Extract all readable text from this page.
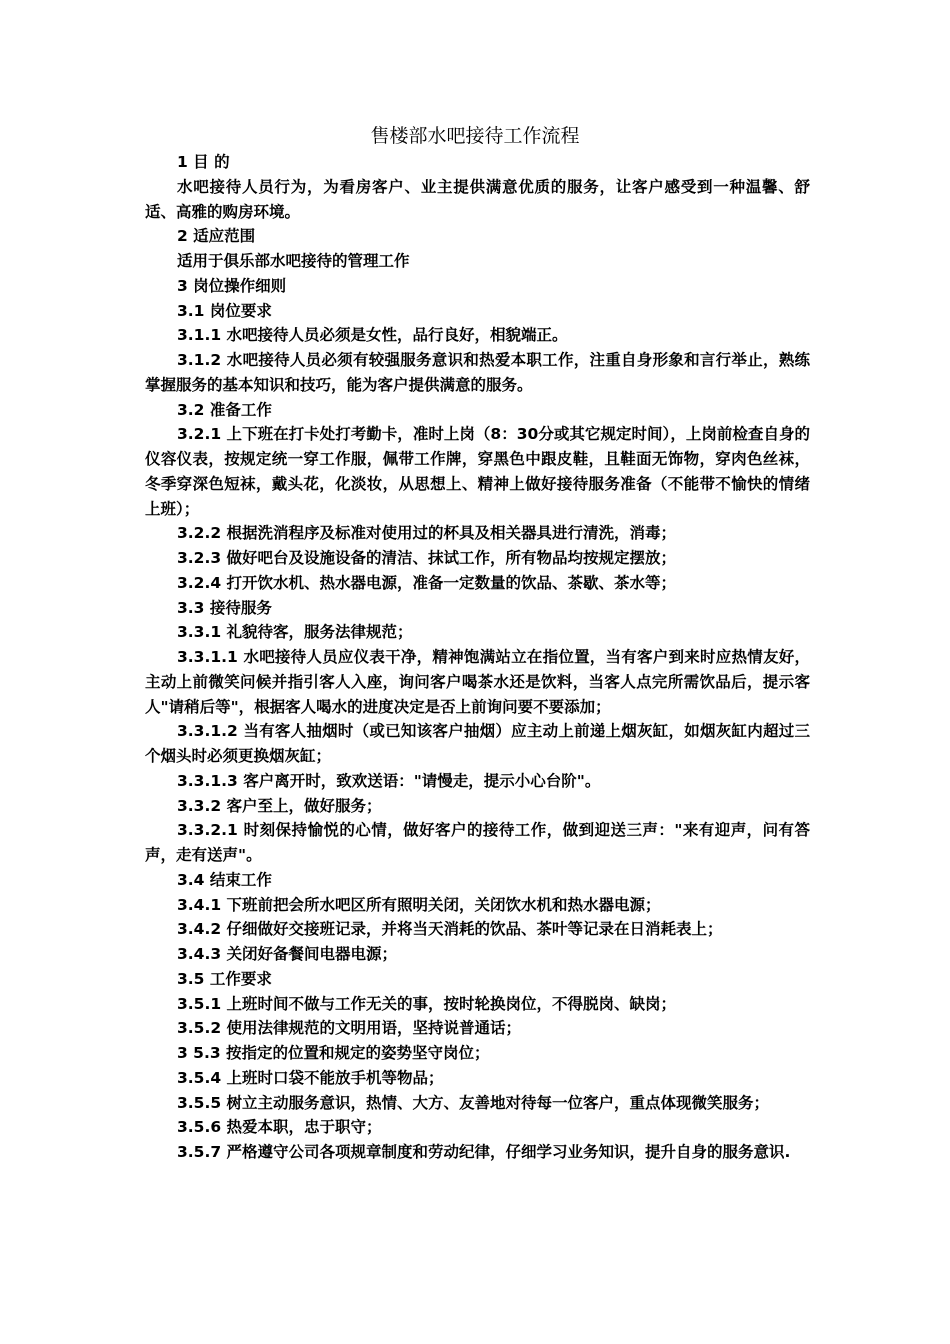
售楼部水吧接待工作流程

1 目 的

水吧接待人员行为，为看房客户、业主提供满意优质的服务，让客户感受到一种温馨、舒适、高雅的购房环境。

2 适应范围

适用于俱乐部水吧接待的管理工作

3 岗位操作细则

3.1 岗位要求

3.1.1 水吧接待人员必须是女性，品行良好，相貌端正。

3.1.2 水吧接待人员必须有较强服务意识和热爱本职工作，注重自身形象和言行举止，熟练掌握服务的基本知识和技巧，能为客户提供满意的服务。

3.2 准备工作

3.2.1 上下班在打卡处打考勤卡，准时上岗（8：30分或其它规定时间），上岗前检查自身的仪容仪表，按规定统一穿工作服，佩带工作牌，穿黑色中跟皮鞋，且鞋面无饰物，穿肉色丝袜，冬季穿深色短袜，戴头花，化淡妆，从思想上、精神上做好接待服务准备（不能带不愉快的情绪上班）；

3.2.2 根据洗消程序及标准对使用过的杯具及相关器具进行清洗，消毒；

3.2.3 做好吧台及设施设备的清洁、抹试工作，所有物品均按规定摆放；

3.2.4 打开饮水机、热水器电源，准备一定数量的饮品、茶歇、茶水等；

3.3 接待服务

3.3.1 礼貌待客，服务法律规范；

3.3.1.1 水吧接待人员应仪表干净，精神饱满站立在指位置，当有客户到来时应热情友好，主动上前微笑问候并指引客人入座，询问客户喝茶水还是饮料，当客人点完所需饮品后，提示客人"请稍后等"，根据客人喝水的进度决定是否上前询问要不要添加；

3.3.1.2 当有客人抽烟时（或已知该客户抽烟）应主动上前递上烟灰缸，如烟灰缸内超过三个烟头时必须更换烟灰缸；

3.3.1.3 客户离开时，致欢送语："请慢走，提示小心台阶"。

3.3.2 客户至上，做好服务；

3.3.2.1 时刻保持愉悦的心情，做好客户的接待工作，做到迎送三声："来有迎声，问有答声，走有送声"。

3.4 结束工作

3.4.1 下班前把会所水吧区所有照明关闭，关闭饮水机和热水器电源；

3.4.2 仔细做好交接班记录，并将当天消耗的饮品、茶叶等记录在日消耗表上；

3.4.3 关闭好备餐间电器电源；

3.5 工作要求

3.5.1 上班时间不做与工作无关的事，按时轮换岗位，不得脱岗、缺岗；

3.5.2 使用法律规范的文明用语，坚持说普通话；

3 5.3 按指定的位置和规定的姿势坚守岗位；

3.5.4 上班时口袋不能放手机等物品；

3.5.5 树立主动服务意识，热情、大方、友善地对待每一位客户，重点体现微笑服务；

3.5.6 热爱本职，忠于职守；

3.5.7 严格遵守公司各项规章制度和劳动纪律，仔细学习业务知识，提升自身的服务意识.
